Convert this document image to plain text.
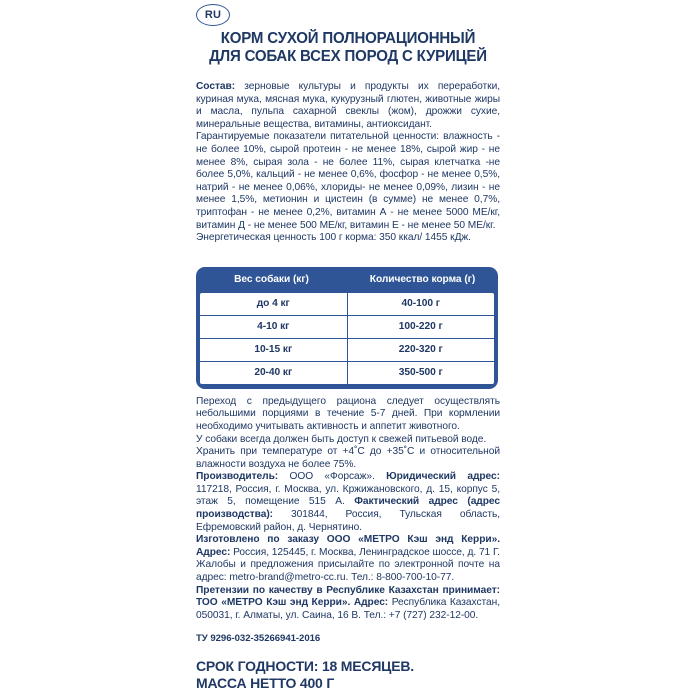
RU
КОРМ СУХОЙ ПОЛНОРАЦИОННЫЙ
ДЛЯ СОБАК ВСЕХ ПОРОД С КУРИЦЕЙ

Состав: зерновые культуры и продукты их переработки, куриная мука, мясная мука, кукурузный глютен, животные жиры и масла, пульпа сахарной свеклы (жом), дрожжи сухие, минеральные вещества, витамины, антиоксидант.

Гарантируемые показатели питательной ценности: влажность - не более 10%, сырой протеин - не менее 18%, сырой жир - не менее 8%, сырая зола - не более 11%, сырая клетчатка -не более 5,0%, кальций - не менее 0,6%, фосфор - не менее 0,5%, натрий - не менее 0,06%, хлориды- не менее 0,09%, лизин - не менее 1,5%, метионин и цистеин (в сумме) не менее 0,7%, триптофан - не менее 0,2%, витамин А - не менее 5000 МЕ/кг, витамин Д - не менее 500 МЕ/кг, витамин Е - не менее 50 МЕ/кг.

Энергетическая ценность 100 г корма: 350 ккал/ 1455 кДж.

Вес собаки (кг)	Количество корма (г)
до 4 кг	40-100 г
4-10 кг	100-220 г
10-15 кг	220-320 г
20-40 кг	350-500 г

Переход с предыдущего рациона следует осуществлять небольшими порциями в течение 5-7 дней. При кормлении необходимо учитывать активность и аппетит животного.

У собаки всегда должен быть доступ к свежей питьевой воде.

Хранить при температуре от +4˚C до +35˚C и относительной влажности воздуха не более 75%.

Производитель: ООО «Форсаж». Юридический адрес: 117218, Россия, г. Москва, ул. Кржижановского, д. 15, корпус 5, этаж 5, помещение 515 А. Фактический адрес (адрес производства): 301844, Россия, Тульская область, Ефремовский район, д. Чернятино.

Изготовлено по заказу ООО «МЕТРО Кэш энд Керри». Адрес: Россия, 125445, г. Москва, Ленинградское шоссе, д. 71 Г.

Жалобы и предложения присылайте по электронной почте на адрес: metro-brand@metro-cc.ru. Тел.: 8-800-700-10-77.

Претензии по качеству в Республике Казахстан принимает: ТОО «МЕТРО Кэш энд Керри». Адрес: Республика Казахстан, 050031, г. Алматы, ул. Саина, 16 В. Тел.: +7 (727) 232-12-00.

ТУ 9296-032-35266941-2016
СРОК ГОДНОСТИ: 18 МЕСЯЦЕВ.
МАССА НЕТТО 400 Г
